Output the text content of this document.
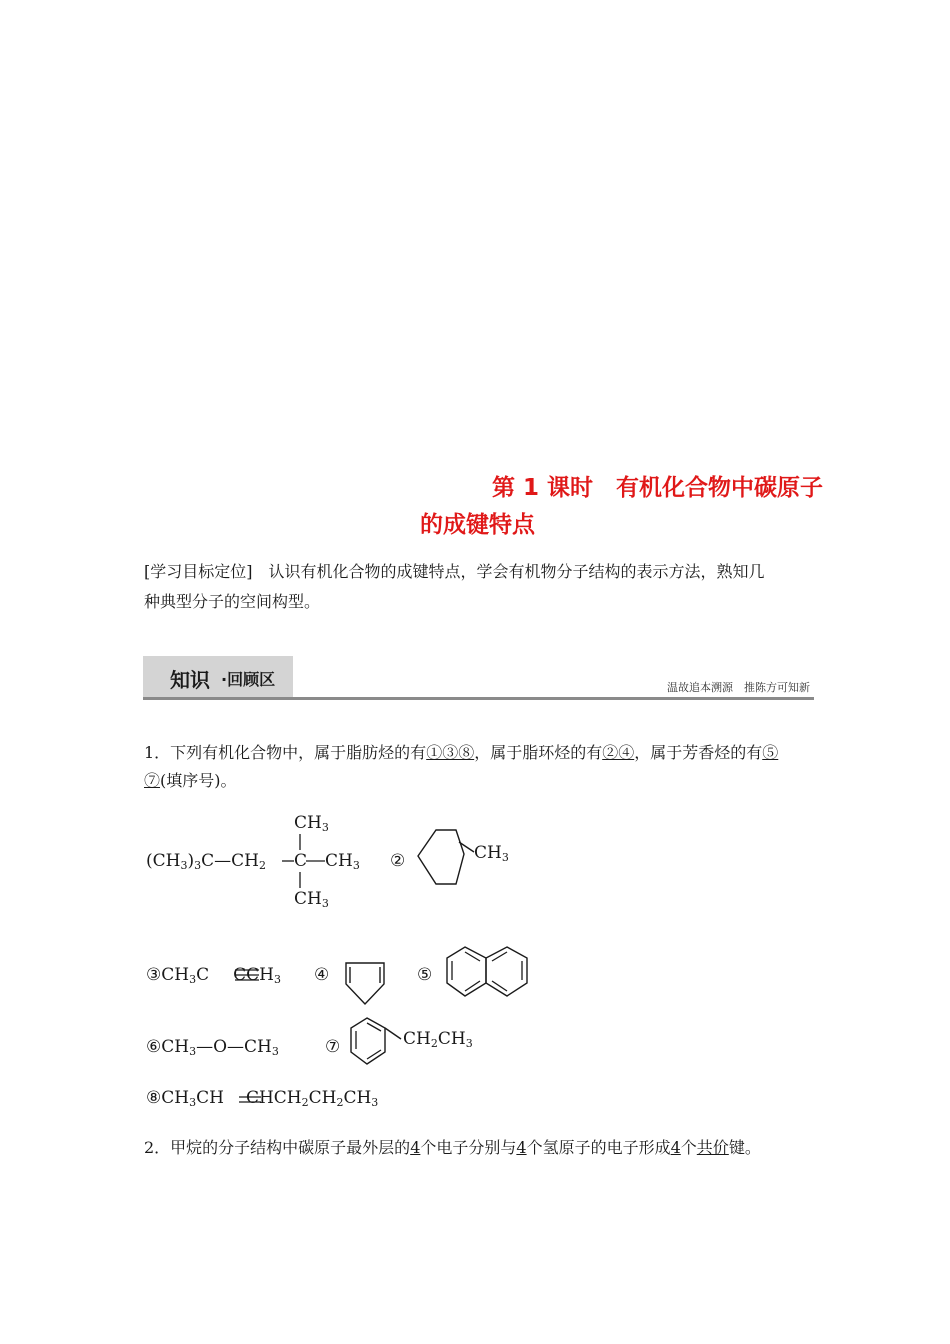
第 1 课时　有机化合物中碳原子
的成键特点
[学习目标定位]　 认识有机化合物的成键特点，学会有机物分子结构的表示方法，熟知几
种典型分子的空间构型。
知识 ·回顾区	温故追本溯源　 推陈方可知新
1．下列有机化合物中，属于脂肪烃的有①③⑧，属于脂环烃的有②④，属于芳香烃的有⑤
⑦(填序号)。
$CH_3$
$(CH_3)_3C—CH_2$ C $CH_3$
$CH_3$
②	$CH_3$
$③CH_3C$ $CCH_3$ ④	⑤
$⑥CH_3—O—CH_3$	⑦	$CH_2CH_3$
$⑧CH_3CH$ $CHCH_2CH_2CH_3$
2．甲烷的分子结构中碳原子最外层的4个电子分别与4个氢原子的电子形成4个共价键。
